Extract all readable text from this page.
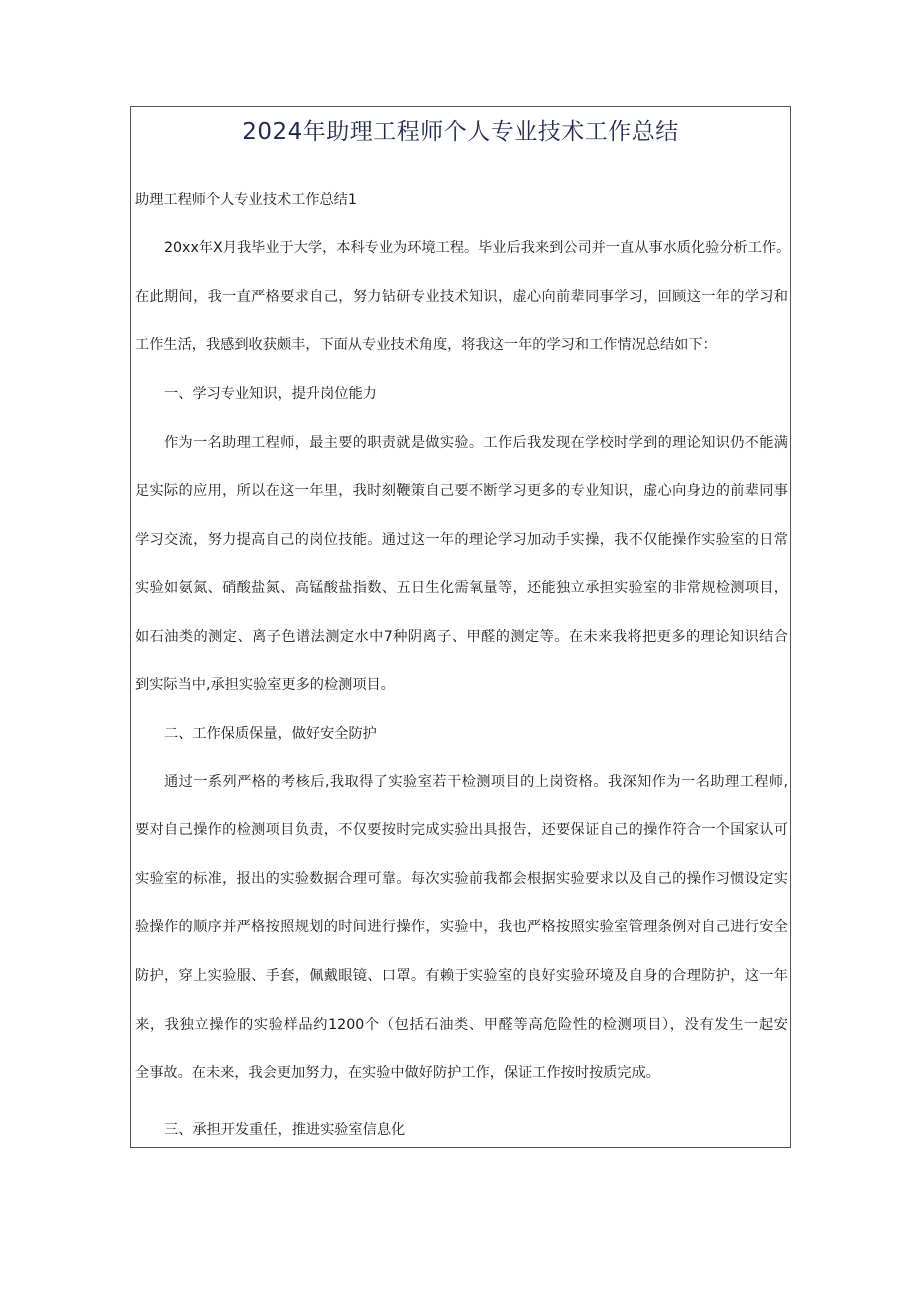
2024年助理工程师个人专业技术工作总结
助理工程师个人专业技术工作总结1
20xx年X月我毕业于大学，本科专业为环境工程。毕业后我来到公司并一直从事水质化验分析工作。
在此期间，我一直严格要求自己，努力钻研专业技术知识，虚心向前辈同事学习，回顾这一年的学习和
工作生活，我感到收获颇丰，下面从专业技术角度，将我这一年的学习和工作情况总结如下：
一、学习专业知识，提升岗位能力
作为一名助理工程师，最主要的职责就是做实验。工作后我发现在学校时学到的理论知识仍不能满
足实际的应用，所以在这一年里，我时刻鞭策自己要不断学习更多的专业知识，虚心向身边的前辈同事
学习交流，努力提高自己的岗位技能。通过这一年的理论学习加动手实操，我不仅能操作实验室的日常
实验如氨氮、硝酸盐氮、高锰酸盐指数、五日生化需氧量等，还能独立承担实验室的非常规检测项目，
如石油类的测定、离子色谱法测定水中7种阴离子、甲醛的测定等。在未来我将把更多的理论知识结合
到实际当中,承担实验室更多的检测项目。
二、工作保质保量，做好安全防护
通过一系列严格的考核后,我取得了实验室若干检测项目的上岗资格。我深知作为一名助理工程师,
要对自己操作的检测项目负责，不仅要按时完成实验出具报告，还要保证自己的操作符合一个国家认可
实验室的标准，报出的实验数据合理可靠。每次实验前我都会根据实验要求以及自己的操作习惯设定实
验操作的顺序并严格按照规划的时间进行操作，实验中，我也严格按照实验室管理条例对自己进行安全
防护，穿上实验服、手套，佩戴眼镜、口罩。有赖于实验室的良好实验环境及自身的合理防护，这一年
来，我独立操作的实验样品约1200个（包括石油类、甲醛等高危险性的检测项目），没有发生一起安
全事故。在未来，我会更加努力，在实验中做好防护工作，保证工作按时按质完成。
三、承担开发重任，推进实验室信息化
